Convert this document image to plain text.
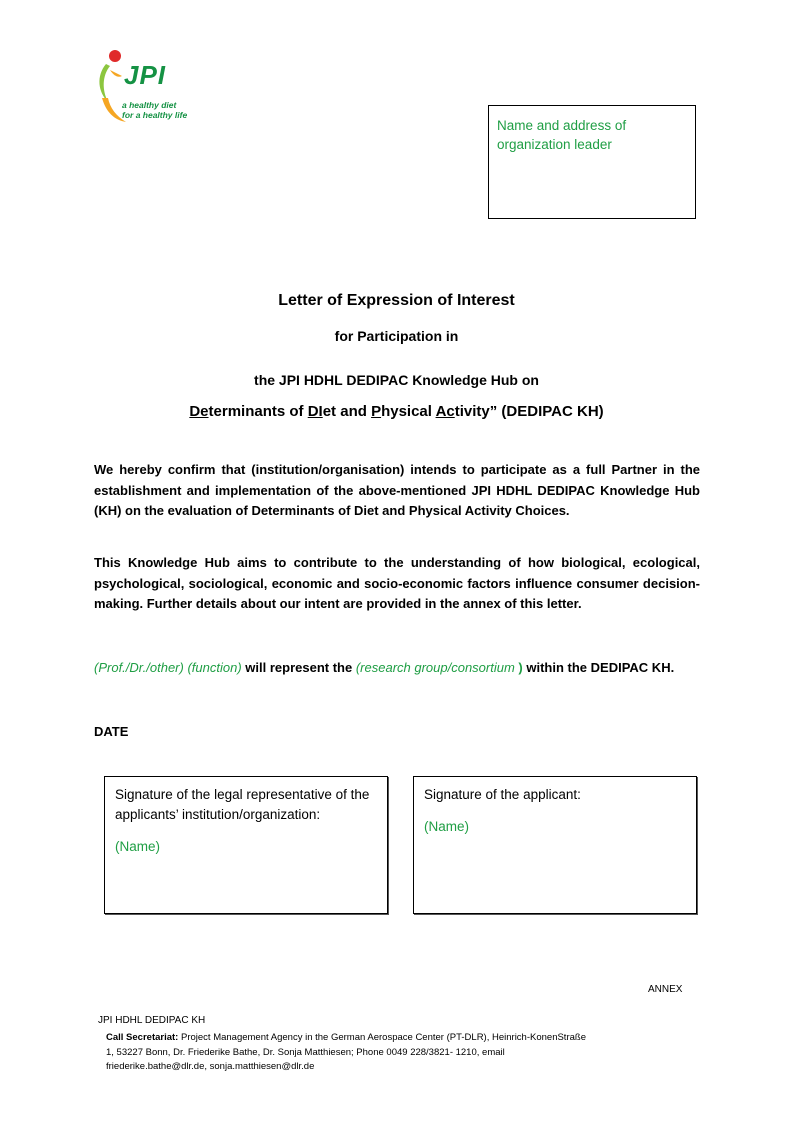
JPI
a healthy diet
for a healthy life
Name and address of
organization leader
Letter of Expression of Interest
for Participation in
the JPI HDHL DEDIPAC Knowledge Hub on
Determinants of DIet and Physical Activity” (DEDIPAC KH)
We hereby confirm that (institution/organisation) intends to participate as a full Partner in the establishment and implementation of the above-mentioned JPI HDHL DEDIPAC Knowledge Hub (KH) on the evaluation of Determinants of Diet and Physical Activity Choices.
This Knowledge Hub aims to contribute to the understanding of how biological, ecological, psychological, sociological, economic and socio-economic factors influence consumer decision-making. Further details about our intent are provided in the annex of this letter.
(Prof./Dr./other) (function) will represent the (research group/consortium ) within the DEDIPAC KH.
DATE
Signature of the legal representative of the applicants’ institution/organization:
(Name)
Signature of the applicant:
(Name)
ANNEX
JPI HDHL DEDIPAC KH
Call Secretariat: Project Management Agency in the German Aerospace Center (PT-DLR), Heinrich-KonenStraße
1, 53227 Bonn, Dr. Friederike Bathe, Dr. Sonja Matthiesen; Phone 0049 228/3821- 1210, email
friederike.bathe@dlr.de, sonja.matthiesen@dlr.de
